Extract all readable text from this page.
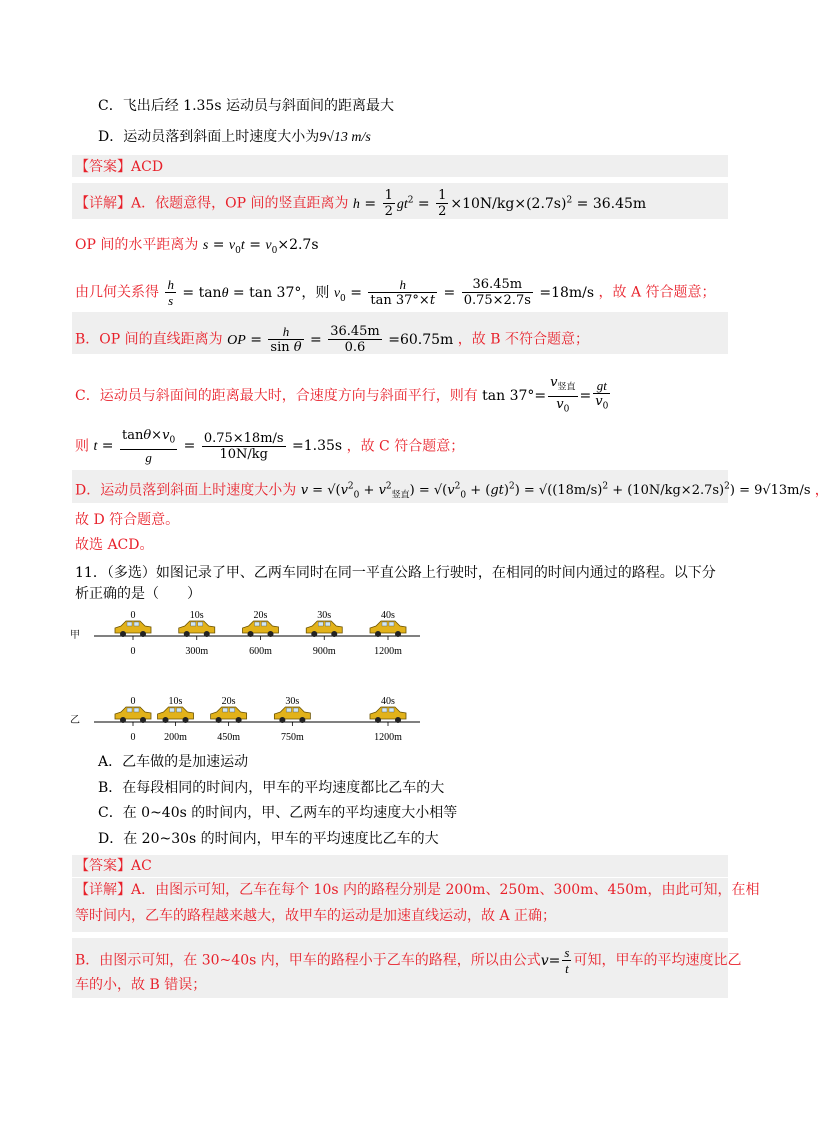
C．飞出后经 1.35s 运动员与斜面间的距离最大
D．运动员落到斜面上时速度大小为9√13 m/s
【答案】ACD
【详解】A．依题意得，OP 间的竖直距离为 $h = \frac{1}{2} gt^2 = \frac{1}{2} \times 10N/kg\times(2.7s)^2 = 36.45m$
OP 间的水平距离为 $s = v_0t = v_0\times 2.7s$
由几何关系得 $\frac{h}{s} = \tan\theta = \tan 37^\circ$，则 $v_0 = \frac{h}{\tan 37^\circ\times t} = \frac{36.45m}{0.75\times 2.7s} =18m/s$ ，故 A 符合题意；
B．OP 间的直线距离为 OP = $\frac{h}{\text{sin θ}} = \frac{36.45m}{0.6} =60.75m$ ，故 B 不符合题意；
C．运动员与斜面间的距离最大时，合速度方向与斜面平行，则有 $\tan 37^\circ= \frac{v_{竖直}}{v_0} = \frac{gt}{v_0}$
则 $t = \frac{\tan\theta\times v_0}{g} = \frac{0.75\times 18m/s}{10N/kg} =1.35s$ ，故 C 符合题意；
D．运动员落到斜面上时速度大小为 $v = √(v^2_0 + v^2_{竖直}) = √(v^2_0 + (gt)^2) = √((18m/s)^2 + (10N/kg\times 2.7s)^2) = 9√13m/s$ ，
故 D 符合题意。
故选 ACD。
11．（多选）如图记录了甲、乙两车同时在同一平直公路上行驶时，在相同的时间内通过的路程。以下分
析正确的是（　　）
甲
乙
0
0
10s
300m
20s
600m
30s
900m
40s
1200m
0
0
10s
200m
20s
450m
30s
750m
40s
1200m
A．乙车做的是加速运动
B．在每段相同的时间内，甲车的平均速度都比乙车的大
C．在 0~40s 的时间内，甲、乙两车的平均速度大小相等
D．在 20~30s 的时间内，甲车的平均速度比乙车的大
【答案】AC
【详解】A．由图示可知，乙车在每个 10s 内的路程分别是 200m、250m、300m、450m，由此可知，在相
等时间内，乙车的路程越来越大，故甲车的运动是加速直线运动，故 A 正确；
B．由图示可知，在 30~40s 内，甲车的路程小于乙车的路程，所以由公式$v= \frac{s}{t}$ 可知，甲车的平均速度比乙
车的小，故 B 错误；
